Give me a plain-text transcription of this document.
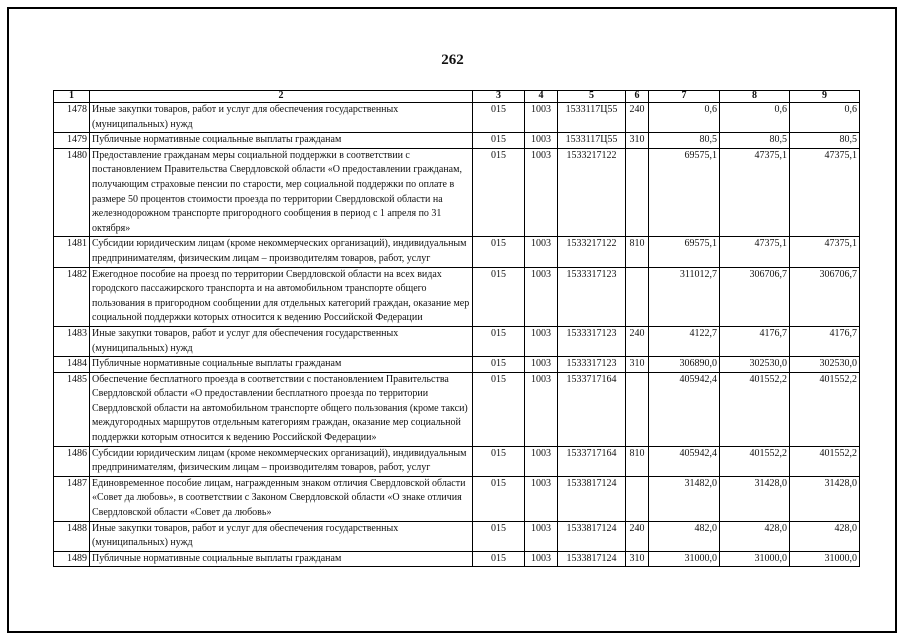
262
1	2	3	4	5	6	7	8	9
1478	Иные закупки товаров, работ и услуг для обеспечения государственных (муниципальных) нужд	015	1003	1533117Ц55	240	0,6	0,6	0,6
1479	Публичные нормативные социальные выплаты гражданам	015	1003	1533117Ц55	310	80,5	80,5	80,5
1480	Предоставление гражданам меры социальной поддержки в соответствии с постановлением Правительства Свердловской области «О предоставлении гражданам, получающим страховые пенсии по старости, мер социальной поддержки по оплате в размере 50 процентов стоимости проезда по территории Свердловской области на железнодорожном транспорте пригородного сообщения в период с 1 апреля по 31 октября»	015	1003	1533217122		69575,1	47375,1	47375,1
1481	Субсидии юридическим лицам (кроме некоммерческих организаций), индивидуальным предпринимателям, физическим лицам – производителям товаров, работ, услуг	015	1003	1533217122	810	69575,1	47375,1	47375,1
1482	Ежегодное пособие на проезд по территории Свердловской области на всех видах городского пассажирского транспорта и на автомобильном транспорте общего пользования в пригородном сообщении для отдельных категорий граждан, оказание мер социальной поддержки которых относится к ведению Российской Федерации	015	1003	1533317123		311012,7	306706,7	306706,7
1483	Иные закупки товаров, работ и услуг для обеспечения государственных (муниципальных) нужд	015	1003	1533317123	240	4122,7	4176,7	4176,7
1484	Публичные нормативные социальные выплаты гражданам	015	1003	1533317123	310	306890,0	302530,0	302530,0
1485	Обеспечение бесплатного проезда в соответствии с постановлением Правительства Свердловской области «О предоставлении бесплатного проезда по территории Свердловской области на автомобильном транспорте общего пользования (кроме такси) междугородных маршрутов отдельным категориям граждан, оказание мер социальной поддержки которым относится к ведению Российской Федерации»	015	1003	1533717164		405942,4	401552,2	401552,2
1486	Субсидии юридическим лицам (кроме некоммерческих организаций), индивидуальным предпринимателям, физическим лицам – производителям товаров, работ, услуг	015	1003	1533717164	810	405942,4	401552,2	401552,2
1487	Единовременное пособие лицам, награжденным знаком отличия Свердловской области «Совет да любовь», в соответствии с Законом Свердловской области «О знаке отличия Свердловской области «Совет да любовь»	015	1003	1533817124		31482,0	31428,0	31428,0
1488	Иные закупки товаров, работ и услуг для обеспечения государственных (муниципальных) нужд	015	1003	1533817124	240	482,0	428,0	428,0
1489	Публичные нормативные социальные выплаты гражданам	015	1003	1533817124	310	31000,0	31000,0	31000,0
